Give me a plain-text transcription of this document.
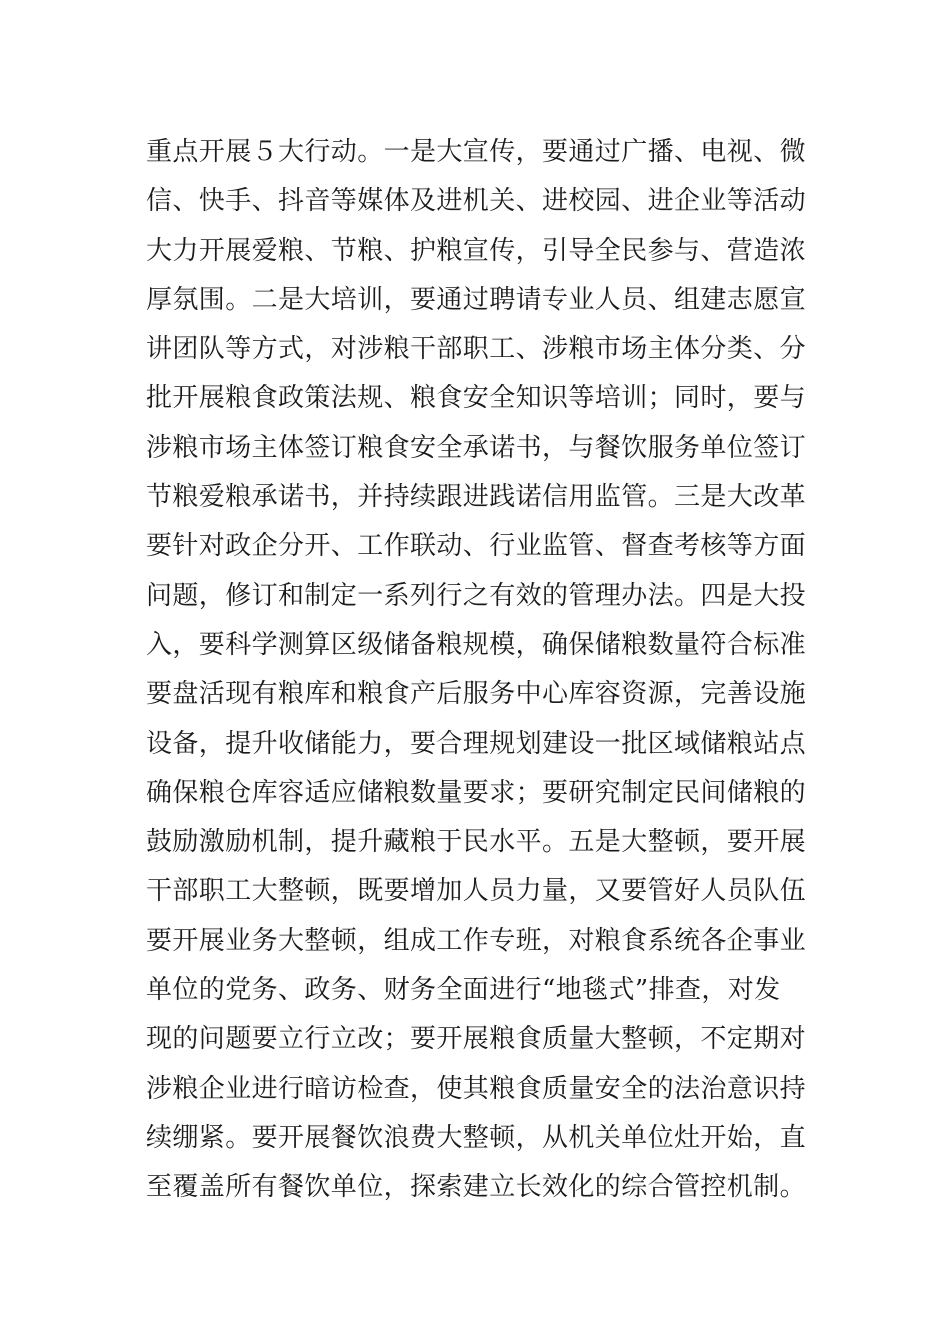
重点开展５大行动。一是大宣传，要通过广播、电视、微
信、快手、抖音等媒体及进机关、进校园、进企业等活动
大力开展爱粮、节粮、护粮宣传，引导全民参与、营造浓
厚氛围。二是大培训，要通过聘请专业人员、组建志愿宣
讲团队等方式，对涉粮干部职工、涉粮市场主体分类、分
批开展粮食政策法规、粮食安全知识等培训；同时，要与
涉粮市场主体签订粮食安全承诺书，与餐饮服务单位签订
节粮爱粮承诺书，并持续跟进践诺信用监管。三是大改革
要针对政企分开、工作联动、行业监管、督查考核等方面
问题，修订和制定一系列行之有效的管理办法。四是大投
入，要科学测算区级储备粮规模，确保储粮数量符合标准
要盘活现有粮库和粮食产后服务中心库容资源，完善设施
设备，提升收储能力，要合理规划建设一批区域储粮站点
确保粮仓库容适应储粮数量要求；要研究制定民间储粮的
鼓励激励机制，提升藏粮于民水平。五是大整顿，要开展
干部职工大整顿，既要增加人员力量，又要管好人员队伍
要开展业务大整顿，组成工作专班，对粮食系统各企事业
单位的党务、政务、财务全面进行“地毯式”排查，对发
现的问题要立行立改；要开展粮食质量大整顿，不定期对
涉粮企业进行暗访检查，使其粮食质量安全的法治意识持
续绷紧。要开展餐饮浪费大整顿，从机关单位灶开始，直
至覆盖所有餐饮单位，探索建立长效化的综合管控机制。
